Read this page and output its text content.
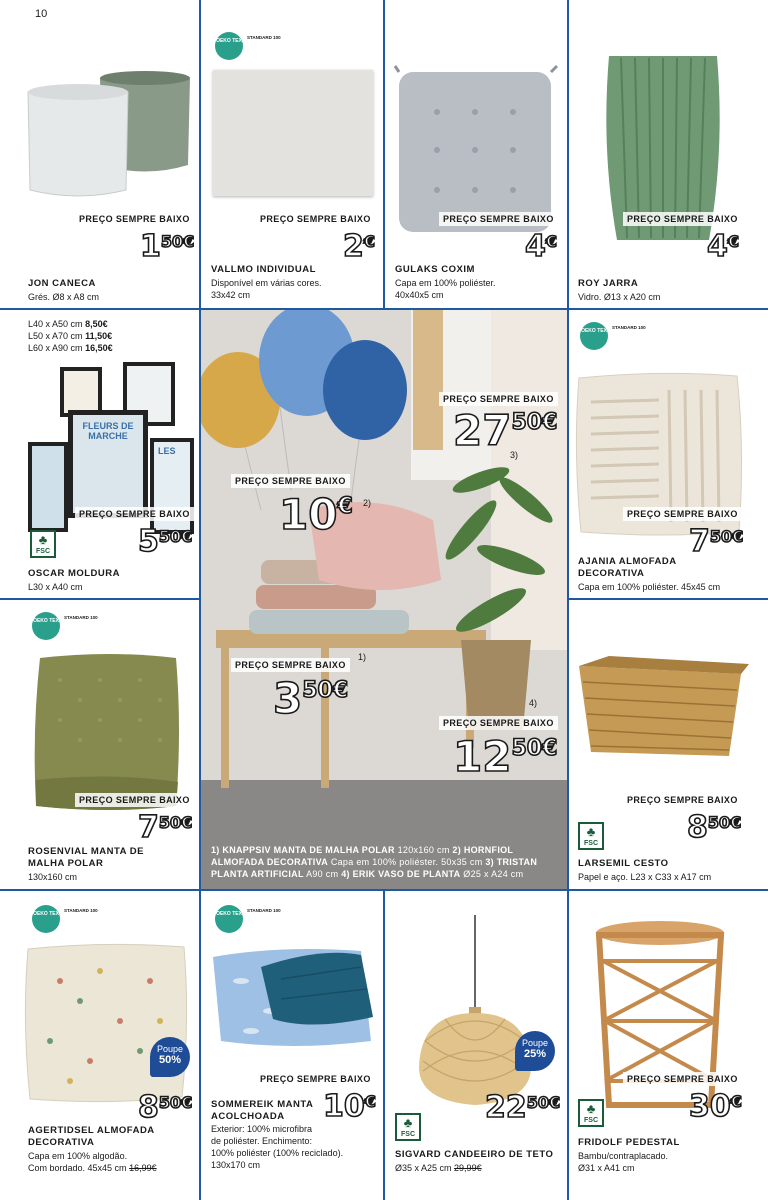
10
PREÇO SEMPRE BAIXO
150€
JON CANECA
Grés. Ø8 x A8 cm
OEKO TEX
STANDARD 100
PREÇO SEMPRE BAIXO
2€
VALLMO INDIVIDUAL
Disponível em várias cores.
33x42 cm
PREÇO SEMPRE BAIXO
4€
GULAKS COXIM
Capa em 100% poliéster.
40x40x5 cm
PREÇO SEMPRE BAIXO
4€
ROY JARRA
Vidro. Ø13 x A20 cm
L40 x A50 cm 8,50€
L50 x A70 cm 11,50€
L60 x A90 cm 16,50€
FLEURS DE MARCHE
LES
♣
FSC
PREÇO SEMPRE BAIXO
550€
OSCAR MOLDURA
L30 x A40 cm
PREÇO SEMPRE BAIXO
2750€
3)
PREÇO SEMPRE BAIXO
10€ 2)
PREÇO SEMPRE BAIXO
350€
1)
PREÇO SEMPRE BAIXO
1250€
4)
1) KNAPPSIV MANTA DE MALHA POLAR 120x160 cm 2) HORNFIOL ALMOFADA DECORATIVA Capa em 100% poliéster. 50x35 cm 3) TRISTAN PLANTA ARTIFICIAL A90 cm 4) ERIK VASO DE PLANTA Ø25 x A24 cm
OEKO TEX
STANDARD 100
PREÇO SEMPRE BAIXO
750€
AJANIA ALMOFADA
DECORATIVA
Capa em 100% poliéster. 45x45 cm
OEKO TEX
STANDARD 100
PREÇO SEMPRE BAIXO
750€
ROSENVIAL MANTA DE
MALHA POLAR
130x160 cm
♣
FSC
PREÇO SEMPRE BAIXO
850€
LARSEMIL CESTO
Papel e aço. L23 x C33 x A17 cm
OEKO TEX
STANDARD 100
Poupe
50%
850€
AGERTIDSEL ALMOFADA
DECORATIVA
Capa em 100% algodão.
Com bordado. 45x45 cm 16,99€
OEKO TEX
STANDARD 100
PREÇO SEMPRE BAIXO
10€
SOMMEREIK MANTA
ACOLCHOADA
Exterior: 100% microfibra
de poliéster. Enchimento:
100% poliéster (100% reciclado).
130x170 cm
Poupe
25%
♣
FSC
2250€
SIGVARD CANDEEIRO DE TETO
Ø35 x A25 cm 29,99€
PREÇO SEMPRE BAIXO
30€
♣
FSC
FRIDOLF PEDESTAL
Bambu/contraplacado.
Ø31 x A41 cm
